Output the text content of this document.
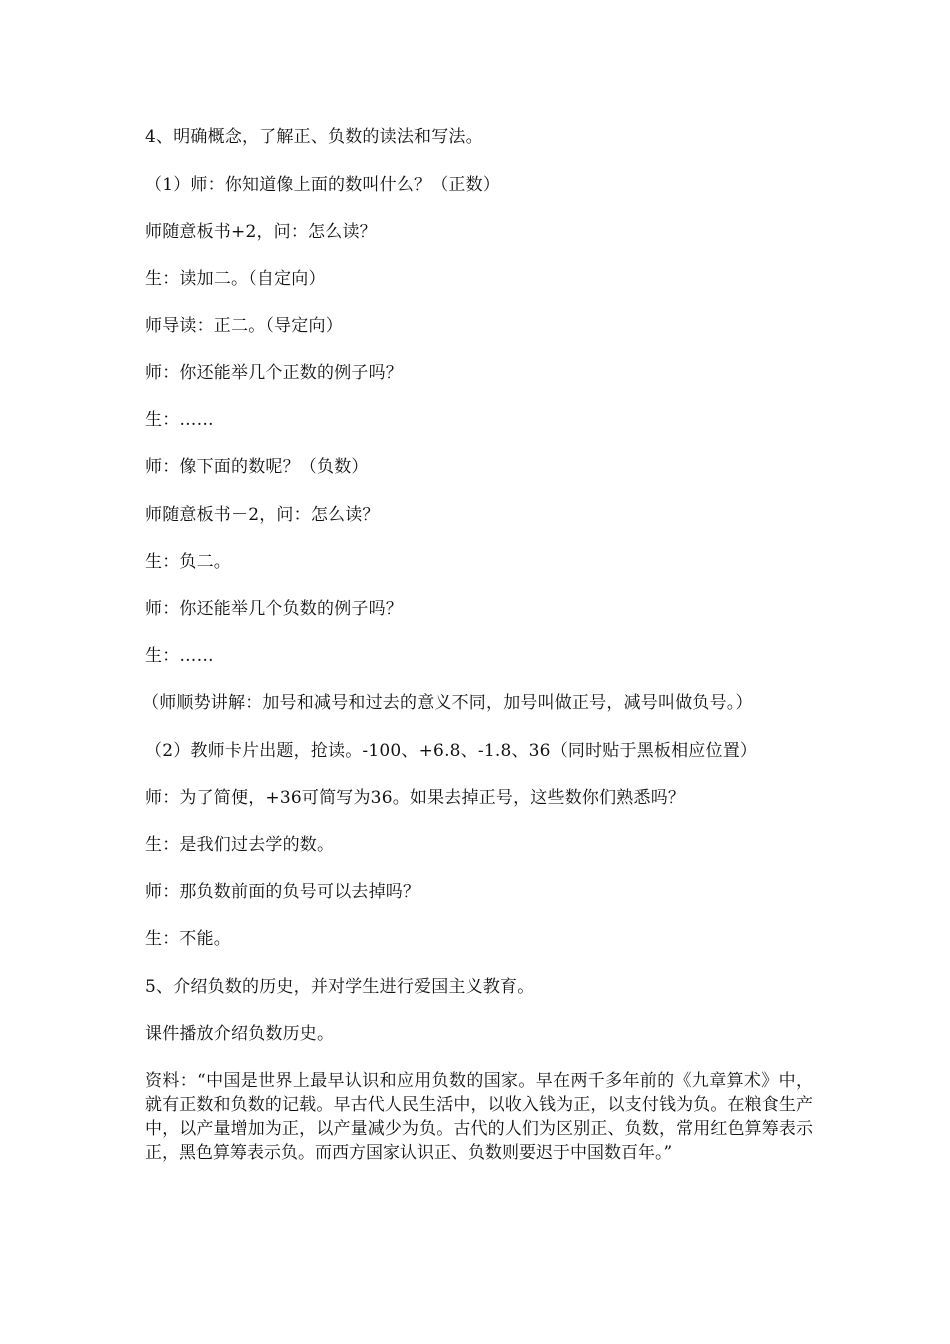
4、明确概念，了解正、负数的读法和写法。
（1）师：你知道像上面的数叫什么？（正数）
师随意板书+2，问：怎么读？
生：读加二。（自定向）
师导读：正二。（导定向）
师：你还能举几个正数的例子吗？
生：……
师：像下面的数呢？（负数）
师随意板书－2，问：怎么读？
生：负二。
师：你还能举几个负数的例子吗？
生：……
（师顺势讲解：加号和减号和过去的意义不同，加号叫做正号，减号叫做负号。）
（2）教师卡片出题，抢读。-100、+6.8、-1.8、36（同时贴于黑板相应位置）
师：为了简便，+36可简写为36。如果去掉正号，这些数你们熟悉吗？
生：是我们过去学的数。
师：那负数前面的负号可以去掉吗？
生：不能。
5、介绍负数的历史，并对学生进行爱国主义教育。
课件播放介绍负数历史。
资料：“中国是世界上最早认识和应用负数的国家。早在两千多年前的《九章算术》中，就有正数和负数的记载。早古代人民生活中，以收入钱为正，以支付钱为负。在粮食生产中，以产量增加为正，以产量减少为负。古代的人们为区别正、负数，常用红色算筹表示正，黑色算筹表示负。而西方国家认识正、负数则要迟于中国数百年。”
